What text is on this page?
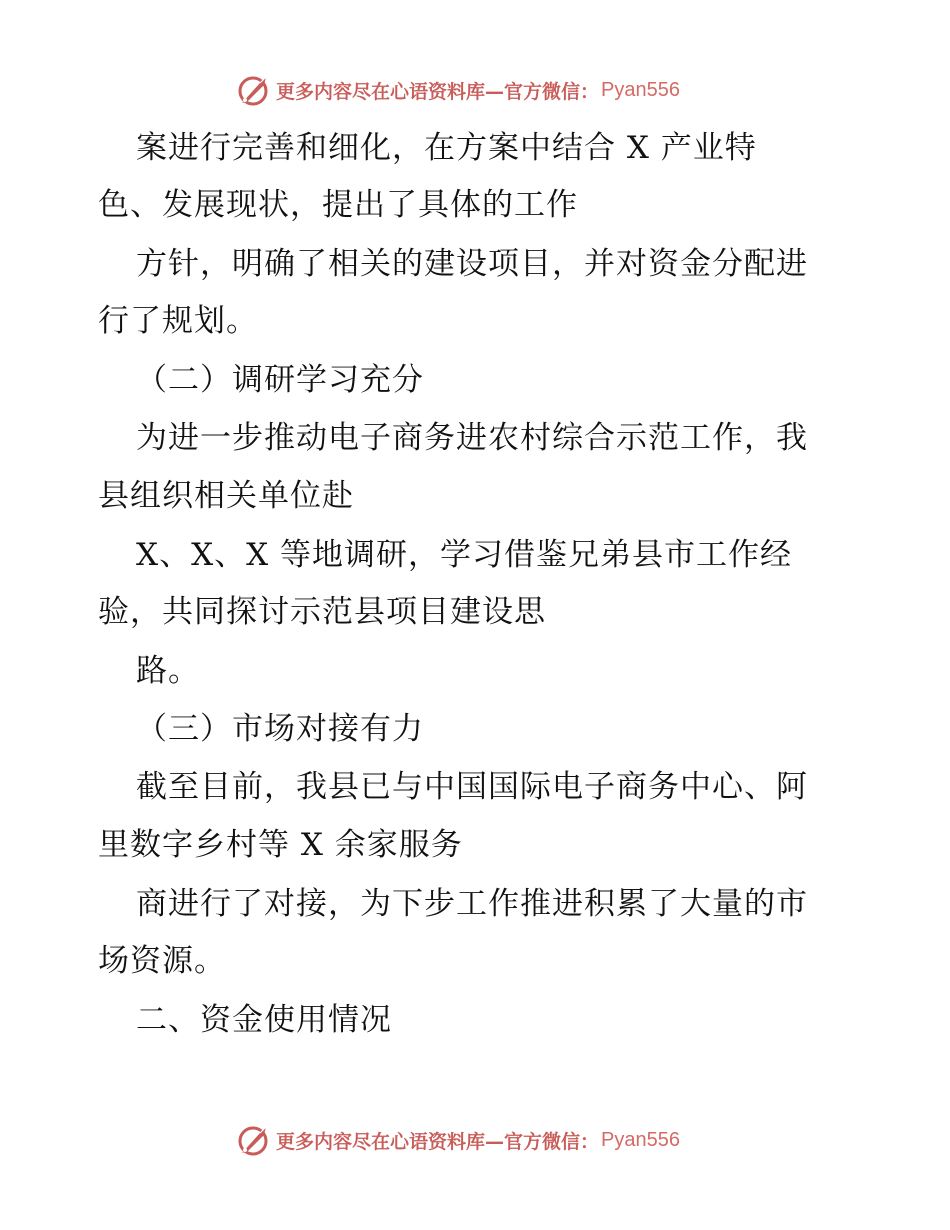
更多内容尽在心语资料库—官方微信： Pyan556
案进行完善和细化，在方案中结合 X 产业特
色、发展现状，提出了具体的工作
方针，明确了相关的建设项目，并对资金分配进
行了规划。
（二）调研学习充分
为进一步推动电子商务进农村综合示范工作，我
县组织相关单位赴
X、X、X 等地调研，学习借鉴兄弟县市工作经
验，共同探讨示范县项目建设思
路。
（三）市场对接有力
截至目前，我县已与中国国际电子商务中心、阿
里数字乡村等 X 余家服务
商进行了对接，为下步工作推进积累了大量的市
场资源。
二、资金使用情况
更多内容尽在心语资料库—官方微信： Pyan556
